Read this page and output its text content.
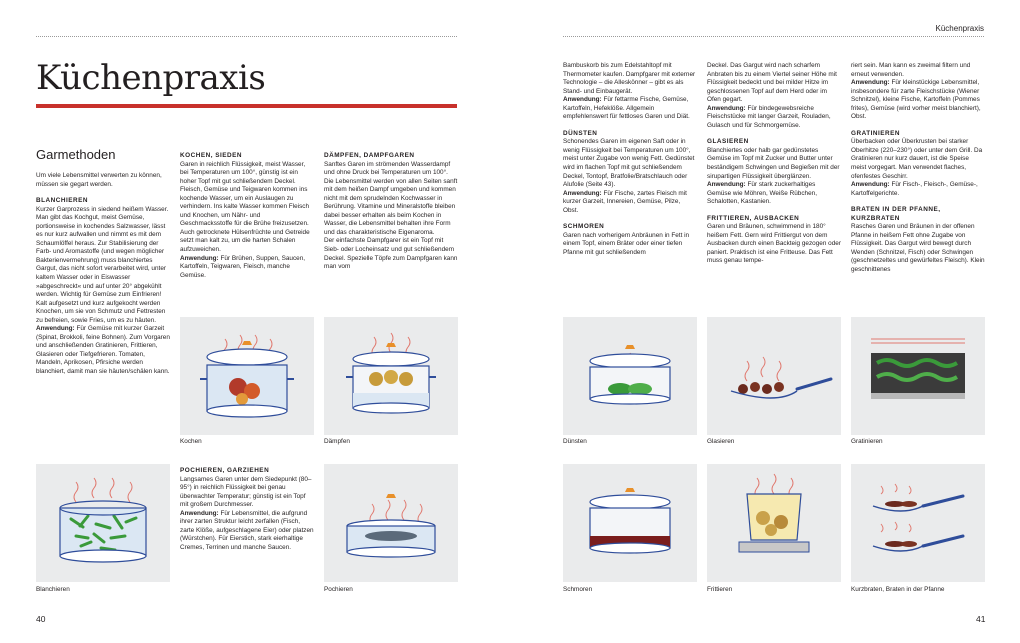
Küchenpraxis
Garmethoden

Um viele Lebensmittel verwerten zu können, müssen sie gegart werden.

BLANCHIEREN

Kurzer Garprozess in siedend heißem Wasser. Man gibt das Kochgut, meist Gemüse, portionsweise in kochendes Salzwasser, lässt es nur kurz aufwallen und nimmt es mit dem Schaumlöffel heraus. Zur Stabilisierung der Farb- und Aromastoffe (und wegen möglicher Bakterienvermehrung) muss blanchiertes Gargut, das nicht sofort verarbeitet wird, unter kaltem Wasser oder in Eiswasser »abgeschreckt« und auf unter 20° abgekühlt werden. Wichtig für Gemüse zum Einfrieren!

Kalt aufgesetzt und kurz aufgekocht werden Knochen, um sie von Schmutz und Fettresten zu befreien, sowie Fries, um es zu häuten.

Anwendung: Für Gemüse mit kurzer Garzeit (Spinat, Brokkoli, feine Bohnen). Zum Vorgaren und anschließenden Gratinieren, Frittieren, Glasieren oder Tiefgefrieren. Tomaten, Mandeln, Aprikosen, Pfirsiche werden blanchiert, damit man sie häuten/schälen kann.

KOCHEN, SIEDEN

Garen in reichlich Flüssigkeit, meist Wasser, bei Temperaturen um 100°, günstig ist ein hoher Topf mit gut schließendem Deckel.

Fleisch, Gemüse und Teigwaren kommen ins kochende Wasser, um ein Auslaugen zu verhindern. Ins kalte Wasser kommen Fleisch und Knochen, um Nähr- und Geschmacksstoffe für die Brühe freizusetzen. Auch getrocknete Hülsenfrüchte und Getreide setzt man kalt zu, um die harten Schalen aufzuweichen.

Anwendung: Für Brühen, Suppen, Saucen, Kartoffeln, Teigwaren, Fleisch, manche Gemüse.

POCHIEREN, GARZIEHEN

Langsames Garen unter dem Siedepunkt (80–95°) in reichlich Flüssigkeit bei genau überwachter Temperatur; günstig ist ein Topf mit großem Durchmesser.

Anwendung: Für Lebensmittel, die aufgrund ihrer zarten Struktur leicht zerfallen (Fisch, zarte Klöße, aufgeschlagene Eier) oder platzen (Würstchen). Für Eierstich, stark eierhaltige Cremes, Terrinen und manche Saucen.

DÄMPFEN, DAMPFGAREN

Sanftes Garen im strömenden Wasserdampf und ohne Druck bei Temperaturen um 100°. Die Lebensmittel werden von allen Seiten sanft mit dem heißen Dampf umgeben und kommen nicht mit dem sprudelnden Kochwasser in Berührung. Vitamine und Mineralstoffe bleiben dabei besser erhalten als beim Kochen in Wasser, die Lebensmittel behalten ihre Form und das charakteristische Eigenaroma.

Der einfachste Dampfgarer ist ein Topf mit Sieb- oder Locheinsatz und gut schließendem Deckel. Spezielle Töpfe zum Dampfgaren kann man vom

Kochen	Dämpfen
Blanchieren	Pochieren
40
Küchenpraxis

Bambuskorb bis zum Edelstahltopf mit Thermometer kaufen. Dampfgarer mit externer Technologie – die Alleskönner – gibt es als Stand- und Einbaugerät.

Anwendung: Für fettarme Fische, Gemüse, Kartoffeln, Hefeklöße. Allgemein empfehlenswert für fettloses Garen und Diät.

DÜNSTEN

Schonendes Garen im eigenen Saft oder in wenig Flüssigkeit bei Temperaturen um 100°, meist unter Zugabe von wenig Fett. Gedünstet wird im flachen Topf mit gut schließendem Deckel, Tontopf, Bratfolie/Bratschlauch oder Alufolie (Seite 43).

Anwendung: Für Fische, zartes Fleisch mit kurzer Garzeit, Innereien, Gemüse, Pilze, Obst.

SCHMOREN

Garen nach vorherigem Anbräunen in Fett in einem Topf, einem Bräter oder einer tiefen Pfanne mit gut schließendem

Deckel. Das Gargut wird nach scharfem Anbraten bis zu einem Viertel seiner Höhe mit Flüssigkeit bedeckt und bei milder Hitze im geschlossenen Topf auf dem Herd oder im Ofen gegart.

Anwendung: Für bindegewebsreiche Fleischstücke mit langer Garzeit, Rouladen, Gulasch und für Schmorgemüse.

GLASIEREN

Blanchiertes oder halb gar gedünstetes Gemüse im Topf mit Zucker und Butter unter beständigem Schwingen und Begießen mit der sirupartigen Flüssigkeit überglänzen.

Anwendung: Für stark zuckerhaltiges Gemüse wie Möhren, Weiße Rübchen, Schalotten, Kastanien.

FRITTIEREN, AUSBACKEN

Garen und Bräunen, schwimmend in 180° heißem Fett. Gern wird Frittiergut von dem Ausbacken durch einen Backteig gezogen oder paniert. Praktisch ist eine Fritteuse. Das Fett muss genau tempe-

riert sein. Man kann es zweimal filtern und erneut verwenden.

Anwendung: Für kleinstückige Lebensmittel, insbesondere für zarte Fleischstücke (Wiener Schnitzel), kleine Fische, Kartoffeln (Pommes frites), Gemüse (wird vorher meist blanchiert), Obst.

GRATINIEREN

Überbacken oder Überkrusten bei starker Oberhitze (220–230°) oder unter dem Grill. Da Gratinieren nur kurz dauert, ist die Speise meist vorgegart. Man verwendet flaches, ofenfestes Geschirr.

Anwendung: Für Fisch-, Fleisch-, Gemüse-, Kartoffelgerichte.

BRATEN IN DER PFANNE, KURZBRATEN

Rasches Garen und Bräunen in der offenen Pfanne in heißem Fett ohne Zugabe von Flüssigkeit. Das Gargut wird bewegt durch Wenden (Schnitzel, Fisch) oder Schwingen (geschnetzeltes und gewürfeltes Fleisch). Klein geschnittenes

Dünsten	Glasieren	Gratinieren
Schmoren	Frittieren	Kurzbraten, Braten in der Pfanne
41
